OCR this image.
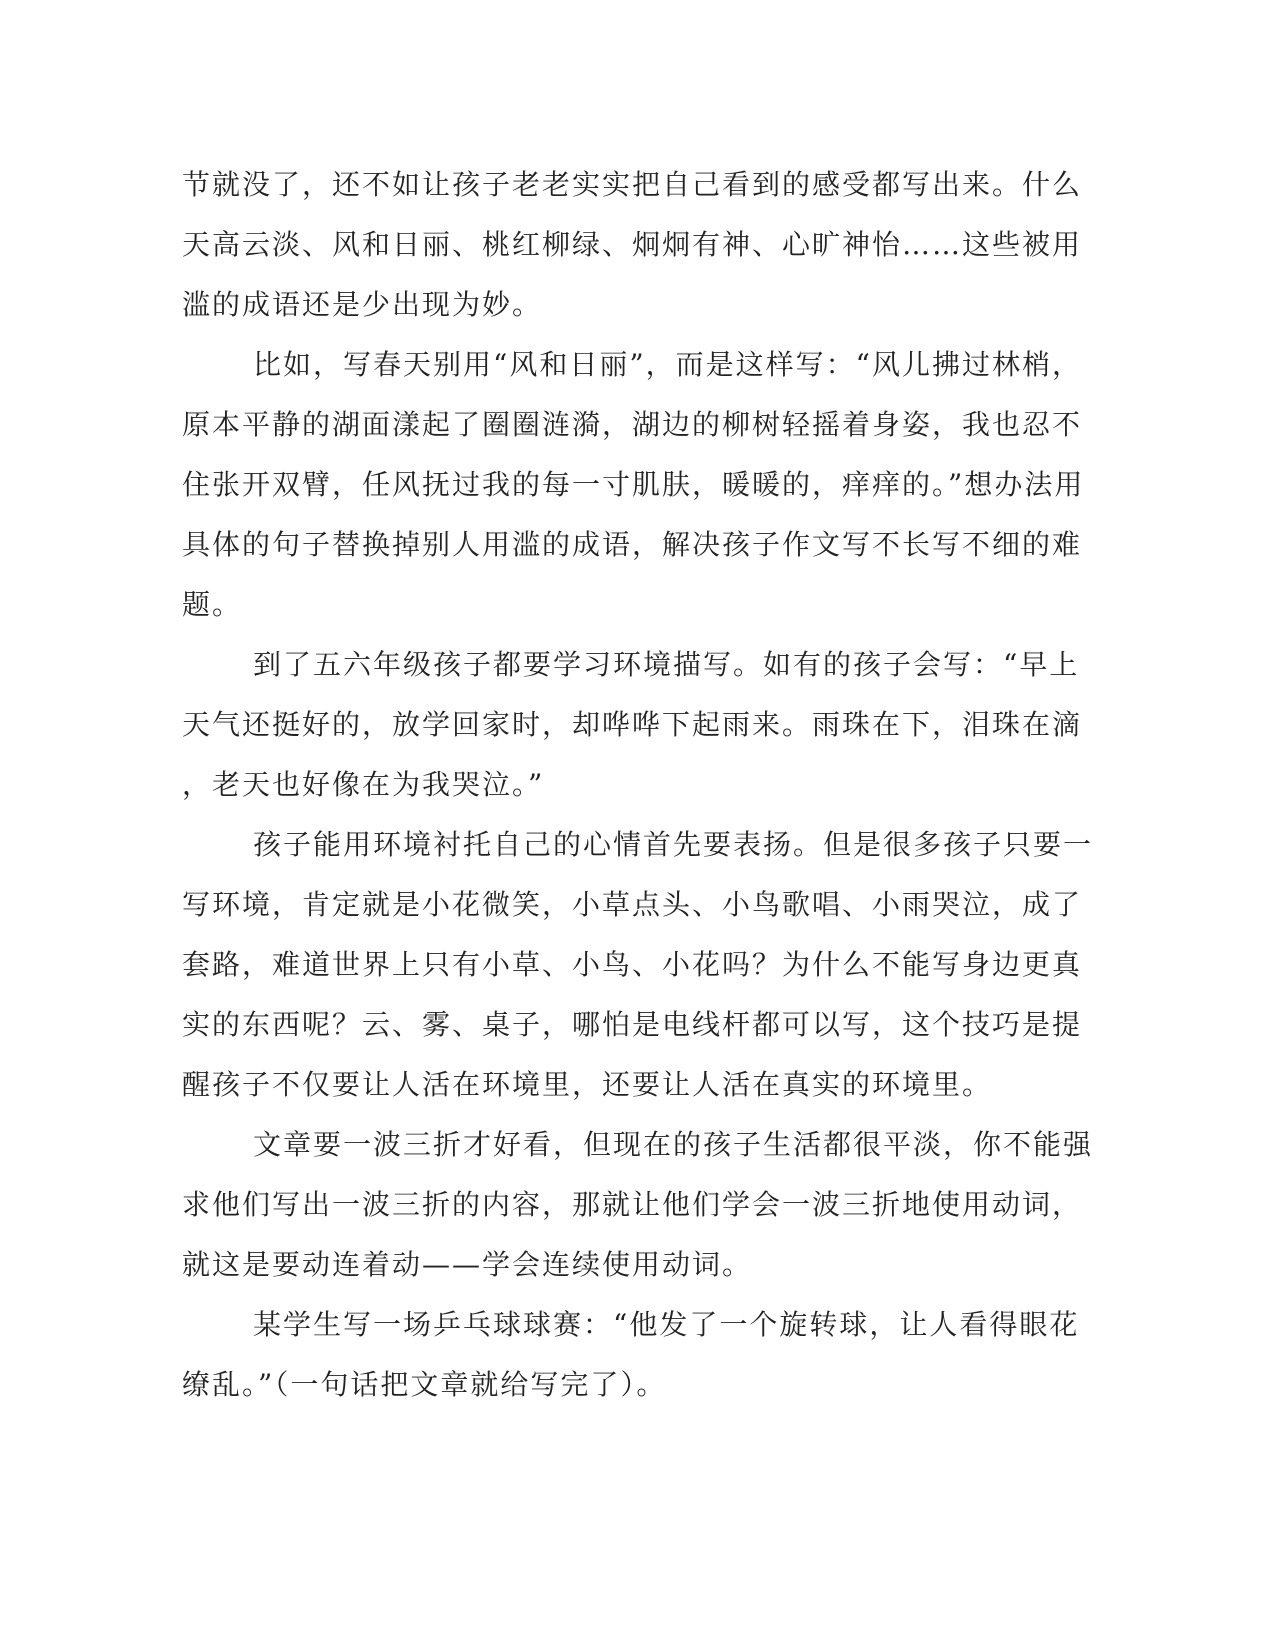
节就没了，还不如让孩子老老实实把自己看到的感受都写出来。什么
天高云淡、风和日丽、桃红柳绿、炯炯有神、心旷神怡……这些被用
滥的成语还是少出现为妙。
比如，写春天别用“风和日丽”，而是这样写：“风儿拂过林梢，
原本平静的湖面漾起了圈圈涟漪，湖边的柳树轻摇着身姿，我也忍不
住张开双臂，任风抚过我的每一寸肌肤，暖暖的，痒痒的。”想办法用
具体的句子替换掉别人用滥的成语，解决孩子作文写不长写不细的难
题。
到了五六年级孩子都要学习环境描写。如有的孩子会写：“早上
天气还挺好的，放学回家时，却哗哗下起雨来。雨珠在下，泪珠在滴
，老天也好像在为我哭泣。”
孩子能用环境衬托自己的心情首先要表扬。但是很多孩子只要一
写环境，肯定就是小花微笑，小草点头、小鸟歌唱、小雨哭泣，成了
套路，难道世界上只有小草、小鸟、小花吗？为什么不能写身边更真
实的东西呢？云、雾、桌子，哪怕是电线杆都可以写，这个技巧是提
醒孩子不仅要让人活在环境里，还要让人活在真实的环境里。
文章要一波三折才好看，但现在的孩子生活都很平淡，你不能强
求他们写出一波三折的内容，那就让他们学会一波三折地使用动词，
就这是要动连着动——学会连续使用动词。
某学生写一场乒乓球球赛：“他发了一个旋转球，让人看得眼花
缭乱。”（一句话把文章就给写完了）。
